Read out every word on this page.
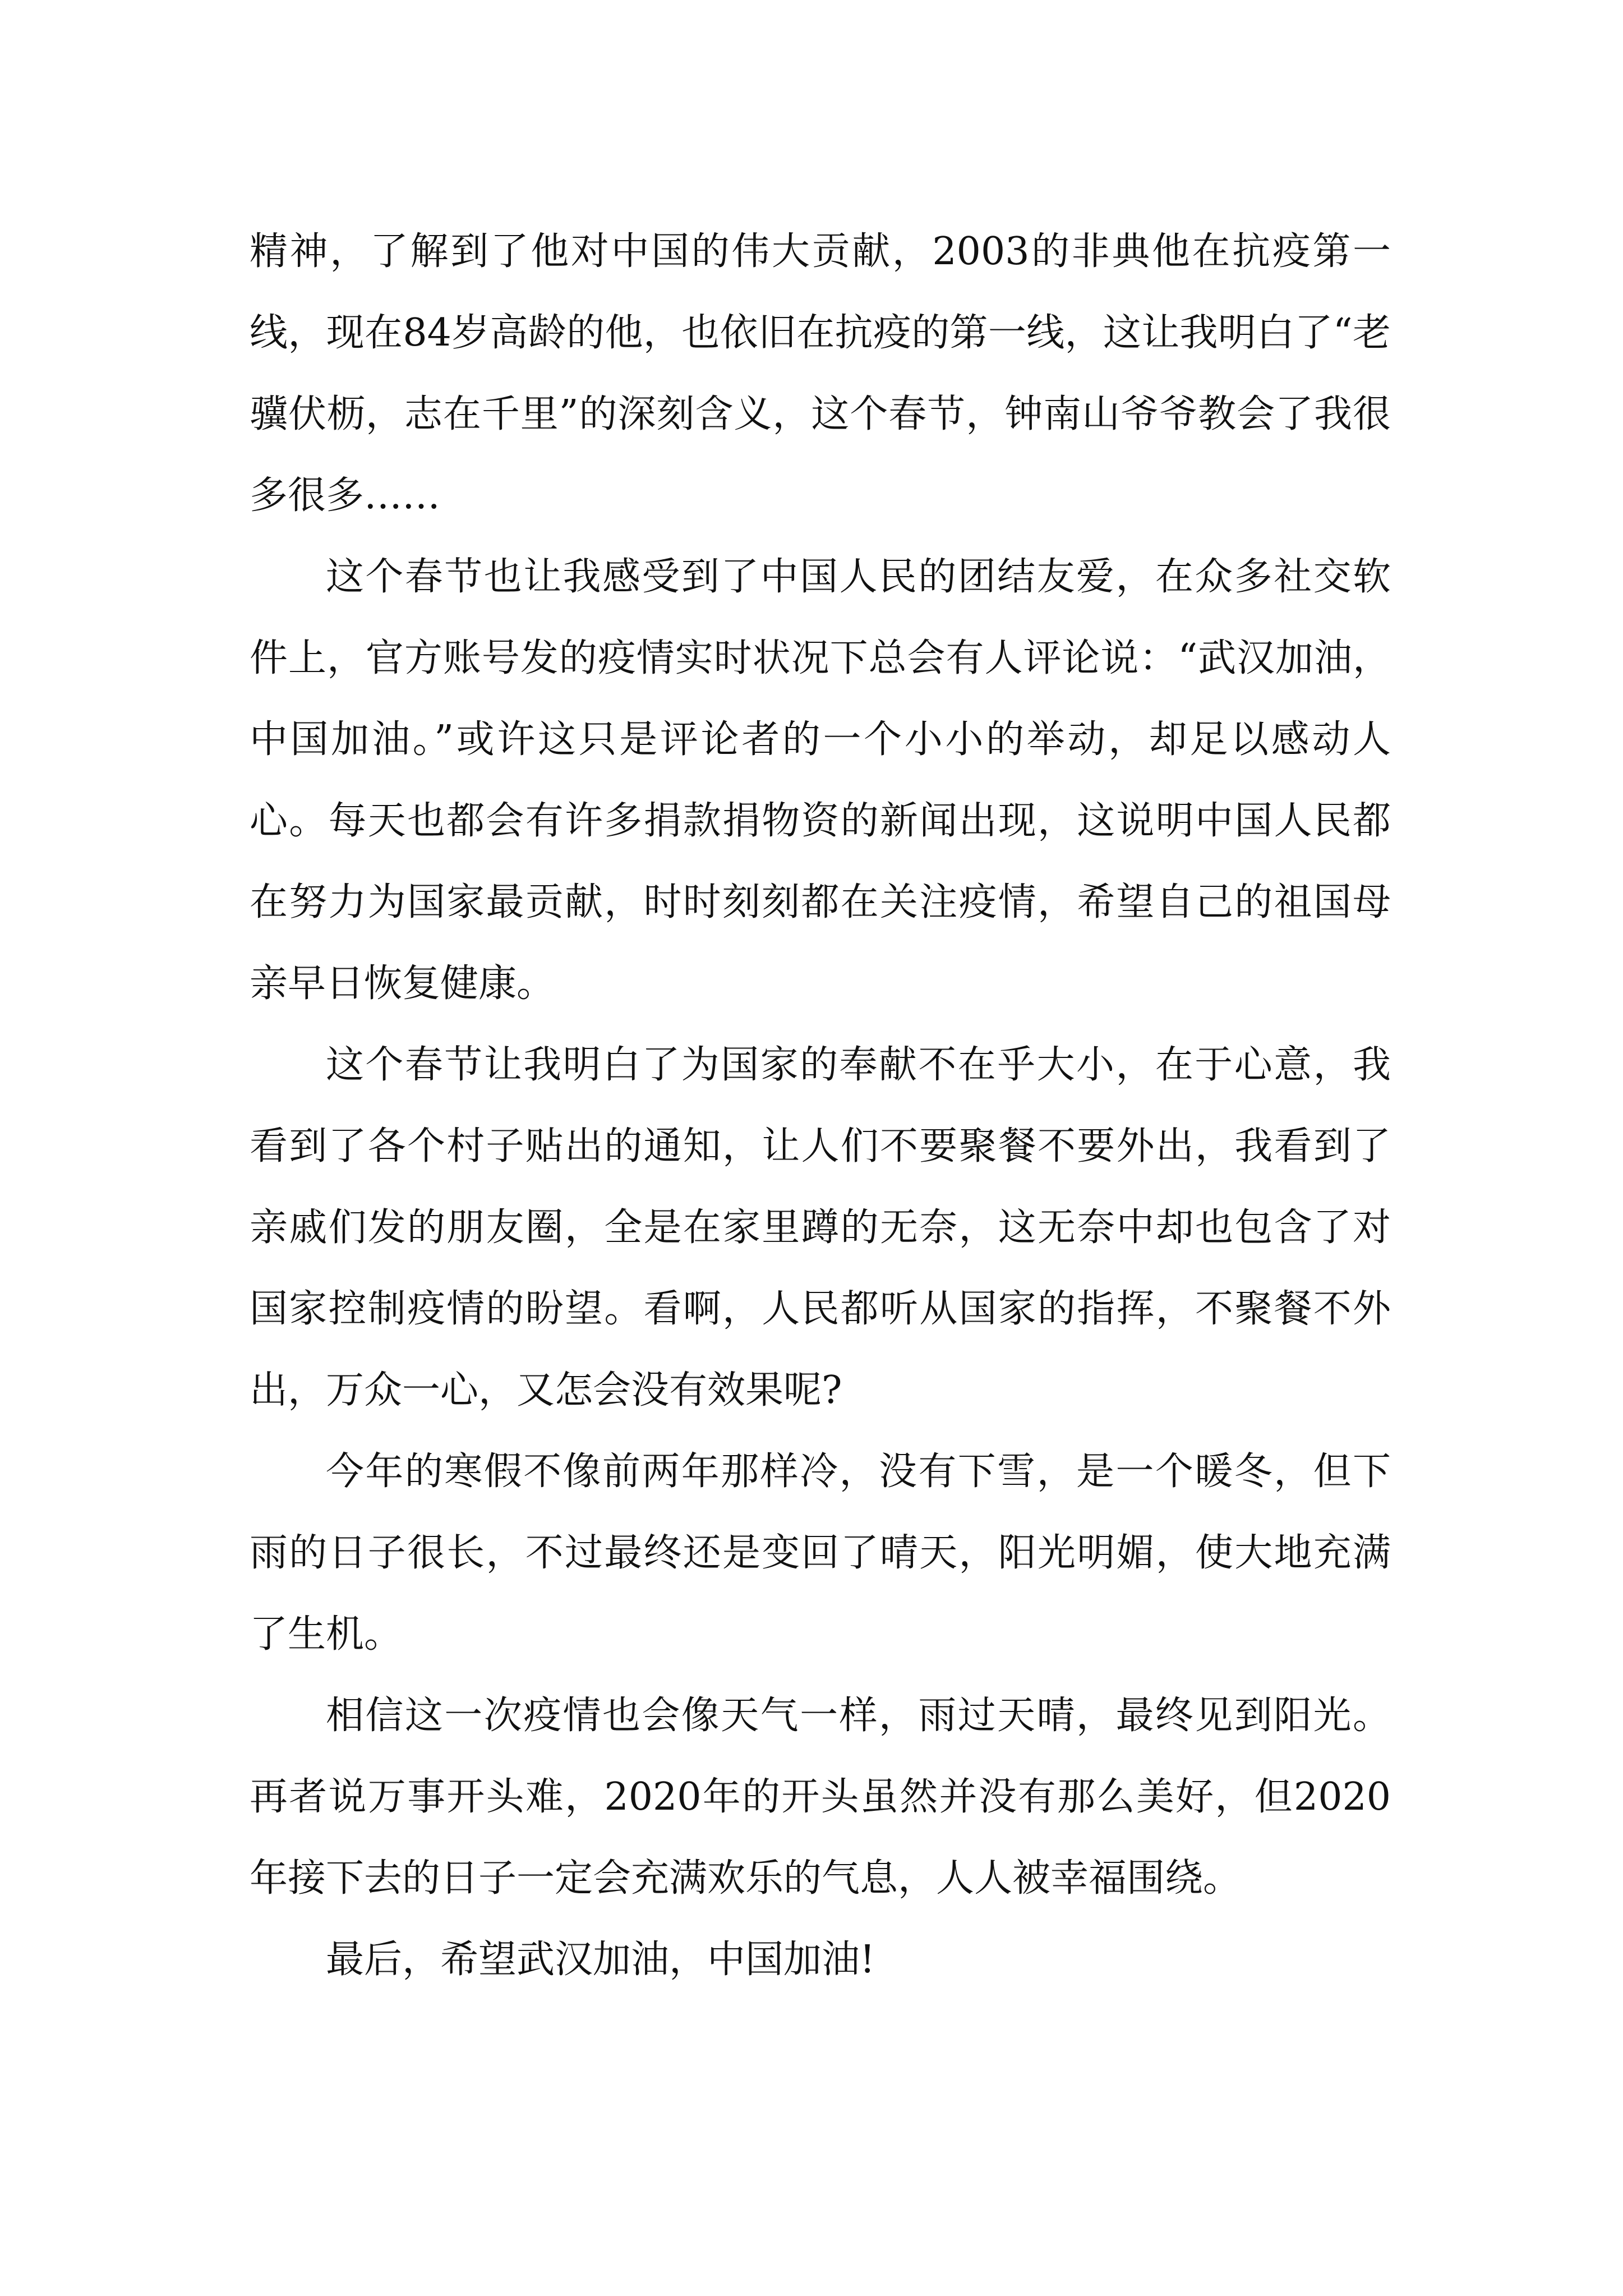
精神，了解到了他对中国的伟大贡献，2003的非典他在抗疫第一线，现在84岁高龄的他，也依旧在抗疫的第一线，这让我明白了“老骥伏枥，志在千里”的深刻含义，这个春节，钟南山爷爷教会了我很多很多……

这个春节也让我感受到了中国人民的团结友爱，在众多社交软件上，官方账号发的疫情实时状况下总会有人评论说：“武汉加油，中国加油。”或许这只是评论者的一个小小的举动，却足以感动人心。每天也都会有许多捐款捐物资的新闻出现，这说明中国人民都在努力为国家最贡献，时时刻刻都在关注疫情，希望自己的祖国母亲早日恢复健康。

这个春节让我明白了为国家的奉献不在乎大小，在于心意，我看到了各个村子贴出的通知，让人们不要聚餐不要外出，我看到了亲戚们发的朋友圈，全是在家里蹲的无奈，这无奈中却也包含了对国家控制疫情的盼望。看啊，人民都听从国家的指挥，不聚餐不外出，万众一心，又怎会没有效果呢?

今年的寒假不像前两年那样冷，没有下雪，是一个暖冬，但下雨的日子很长，不过最终还是变回了晴天，阳光明媚，使大地充满了生机。

相信这一次疫情也会像天气一样，雨过天晴，最终见到阳光。再者说万事开头难，2020年的开头虽然并没有那么美好，但2020年接下去的日子一定会充满欢乐的气息，人人被幸福围绕。

最后，希望武汉加油，中国加油!
